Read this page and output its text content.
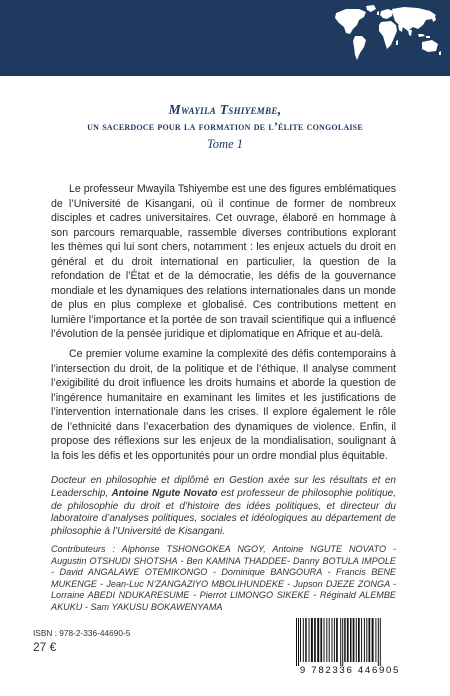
Mwayila Tshiyembe,
un sacerdoce pour la formation de l’élite congolaise
Tome 1

Le professeur Mwayila Tshiyembe est une des figures emblématiques de l’Université de Kisangani, où il continue de former de nombreux disciples et cadres universitaires. Cet ouvrage, élaboré en hommage à son parcours remarquable, rassemble diverses contributions explorant les thèmes qui lui sont chers, notamment : les enjeux actuels du droit en général et du droit international en particulier, la question de la refondation de l’État et de la démocratie, les défis de la gouvernance mondiale et les dynamiques des relations internationales dans un monde de plus en plus complexe et globalisé. Ces contributions mettent en lumière l’importance et la portée de son travail scientifique qui a influencé l’évolution de la pensée juridique et diplomatique en Afrique et au-delà.

Ce premier volume examine la complexité des défis contemporains à l’intersection du droit, de la politique et de l’éthique. Il analyse comment l’exigibilité du droit influence les droits humains et aborde la question de l’ingérence humanitaire en examinant les limites et les justifications de l’intervention internationale dans les crises. Il explore également le rôle de l’ethnicité dans l’exacerbation des dynamiques de violence. Enfin, il propose des réflexions sur les enjeux de la mondialisation, soulignant à la fois les défis et les opportunités pour un ordre mondial plus équitable.

Docteur en philosophie et diplômé en Gestion axée sur les résultats et en Leaderschip, Antoine Ngute Novato est professeur de philosophie politique, de philosophie du droit et d’histoire des idées politiques, et directeur du laboratoire d’analyses politiques, sociales et idéologiques au département de philosophie à l’Université de Kisangani.
Contributeurs : Alphonse TSHONGOKEA NGOY, Antoine NGUTE NOVATO - Augustin OTSHUDI SHOTSHA - Ben KAMINA THADDEE- Danny BOTULA IMPOLE - David ANGALAWE OTEMIKONGO - Dominique BANGOURA - Francis BENE MUKENGE - Jean-Luc N’ZANGAZIYO MBOLIHUNDEKE - Jupson DJEZE ZONGA - Lorraine ABEDI NDUKARESUME - Pierrot LIMONGO SIKEKE - Réginald ALEMBE AKUKU - Sam YAKUSU BOKAWENYAMA
ISBN : 978-2-336-44690-5
27 €
9 782336 446905
